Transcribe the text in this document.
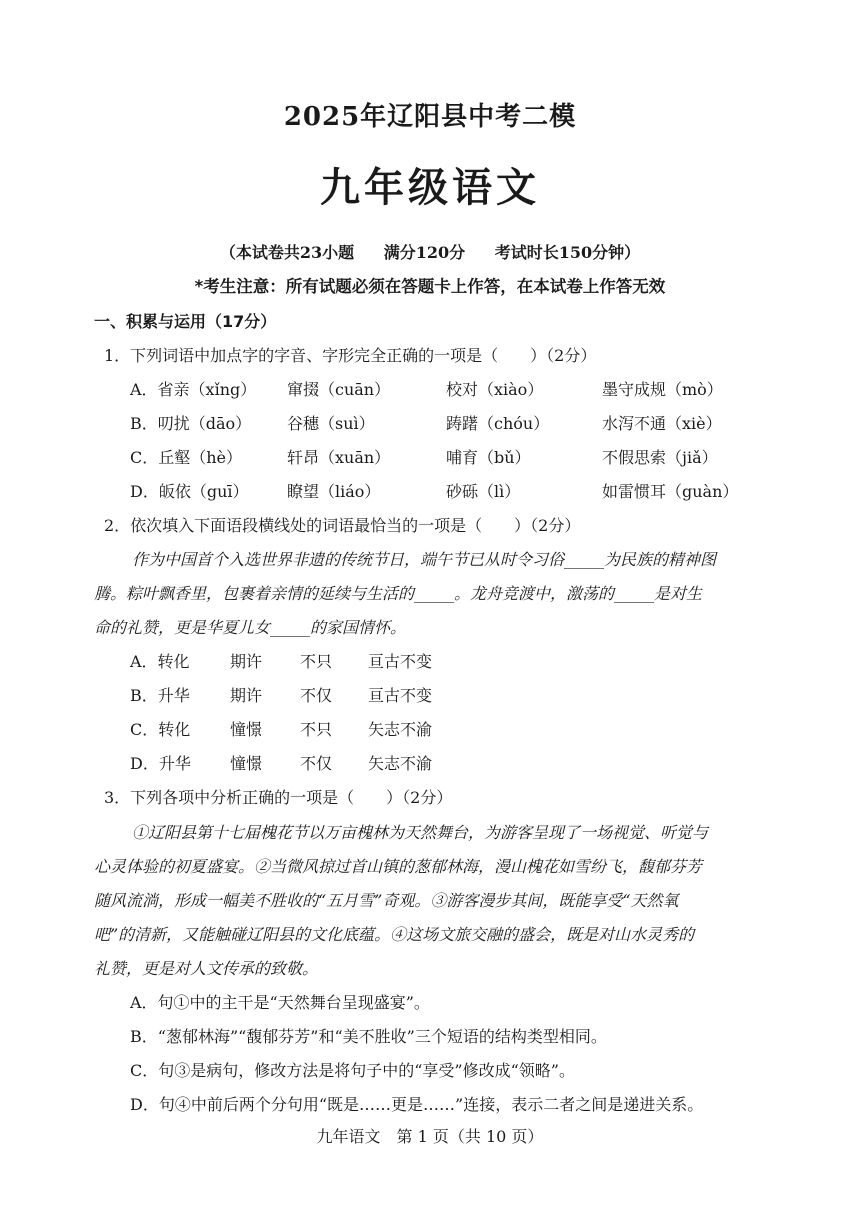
2025年辽阳县中考二模
九年级语文
（本试卷共23小题 满分120分 考试时长150分钟）
*考生注意：所有试题必须在答题卡上作答，在本试卷上作答无效
一、积累与运用（17分）
1．下列词语中加点字的字音、字形完全正确的一项是（　　）（2分）
A．省亲（xǐng） 窜掇（cuān）	校对（xiào）	墨守成规（mò）
B．叨扰（dāo） 谷穗（suì）	踌躇（chóu）	水泻不通（xiè）
C．丘壑（hè）	轩昂（xuān）	哺育（bǔ）	不假思索（jiǎ）
D．皈依（guī） 瞭望（liáo）	砂砾（lì）	如雷惯耳（guàn）
2．依次填入下面语段横线处的词语最恰当的一项是（　　）（2分）
作为中国首个入选世界非遗的传统节日，端午节已从时令习俗_____为民族的精神图
腾。粽叶飘香里，包裹着亲情的延续与生活的_____。龙舟竞渡中，激荡的_____是对生
命的礼赞，更是华夏儿女_____的家国情怀。
A．转化	期许 不只 亘古不变
B．升华	期许 不仅 亘古不变
C．转化 憧憬 不只 矢志不渝
D．升华 憧憬 不仅 矢志不渝
3．下列各项中分析正确的一项是（　　）（2分）
①辽阳县第十七届槐花节以万亩槐林为天然舞台，为游客呈现了一场视觉、听觉与
心灵体验的初夏盛宴。②当微风掠过首山镇的葱郁林海，漫山槐花如雪纷飞，馥郁芬芳
随风流淌，形成一幅美不胜收的“五月雪”奇观。③游客漫步其间，既能享受“天然氧
吧”的清新，又能触碰辽阳县的文化底蕴。④这场文旅交融的盛会，既是对山水灵秀的
礼赞，更是对人文传承的致敬。
A．句①中的主干是“天然舞台呈现盛宴”。
B．“葱郁林海”“馥郁芬芳”和“美不胜收”三个短语的结构类型相同。
C．句③是病句，修改方法是将句子中的“享受”修改成“领略”。
D．句④中前后两个分句用“既是……更是……”连接，表示二者之间是递进关系。
九年语文　第 1 页（共 10 页）
